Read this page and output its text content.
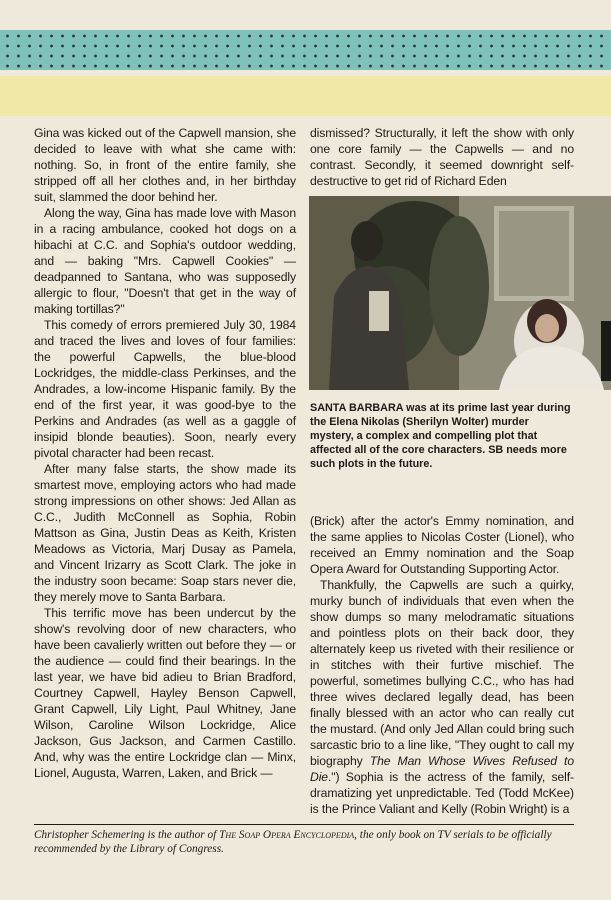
Gina was kicked out of the Capwell mansion, she decided to leave with what she came with: nothing. So, in front of the entire family, she stripped off all her clothes and, in her birthday suit, slammed the door behind her.

Along the way, Gina has made love with Mason in a racing ambulance, cooked hot dogs on a hibachi at C.C. and Sophia's outdoor wedding, and — baking "Mrs. Capwell Cookies" — deadpanned to Santana, who was supposedly allergic to flour, "Doesn't that get in the way of making tortillas?"

This comedy of errors premiered July 30, 1984 and traced the lives and loves of four families: the powerful Capwells, the blue-blood Lockridges, the middle-class Perkinses, and the Andrades, a low-income Hispanic family. By the end of the first year, it was good-bye to the Perkins and Andrades (as well as a gaggle of insipid blonde beauties). Soon, nearly every pivotal character had been recast.

After many false starts, the show made its smartest move, employing actors who had made strong impressions on other shows: Jed Allan as C.C., Judith McConnell as Sophia, Robin Mattson as Gina, Justin Deas as Keith, Kristen Meadows as Victoria, Marj Dusay as Pamela, and Vincent Irizarry as Scott Clark. The joke in the industry soon became: Soap stars never die, they merely move to Santa Barbara.

This terrific move has been undercut by the show's revolving door of new characters, who have been cavalierly written out before they — or the audience — could find their bearings. In the last year, we have bid adieu to Brian Bradford, Courtney Capwell, Hayley Benson Capwell, Grant Capwell, Lily Light, Paul Whitney, Jane Wilson, Caroline Wilson Lockridge, Alice Jackson, Gus Jackson, and Carmen Castillo. And, why was the entire Lockridge clan — Minx, Lionel, Augusta, Warren, Laken, and Brick —

dismissed? Structurally, it left the show with only one core family — the Capwells — and no contrast. Secondly, it seemed downright self-destructive to get rid of Richard Eden

SANTA BARBARA was at its prime last year during the Elena Nikolas (Sherilyn Wolter) murder mystery, a complex and compelling plot that affected all of the core characters. SB needs more such plots in the future.

(Brick) after the actor's Emmy nomination, and the same applies to Nicolas Coster (Lionel), who received an Emmy nomination and the Soap Opera Award for Outstanding Supporting Actor.

Thankfully, the Capwells are such a quirky, murky bunch of individuals that even when the show dumps so many melodramatic situations and pointless plots on their back door, they alternately keep us riveted with their resilience or in stitches with their furtive mischief. The powerful, sometimes bullying C.C., who has had three wives declared legally dead, has been finally blessed with an actor who can really cut the mustard. (And only Jed Allan could bring such sarcastic brio to a line like, "They ought to call my biography The Man Whose Wives Refused to Die.") Sophia is the actress of the family, self-dramatizing yet unpredictable. Ted (Todd McKee) is the Prince Valiant and Kelly (Robin Wright) is a

Christopher Schemering is the author of The Soap Opera Encyclopedia, the only book on TV serials to be officially recommended by the Library of Congress.
